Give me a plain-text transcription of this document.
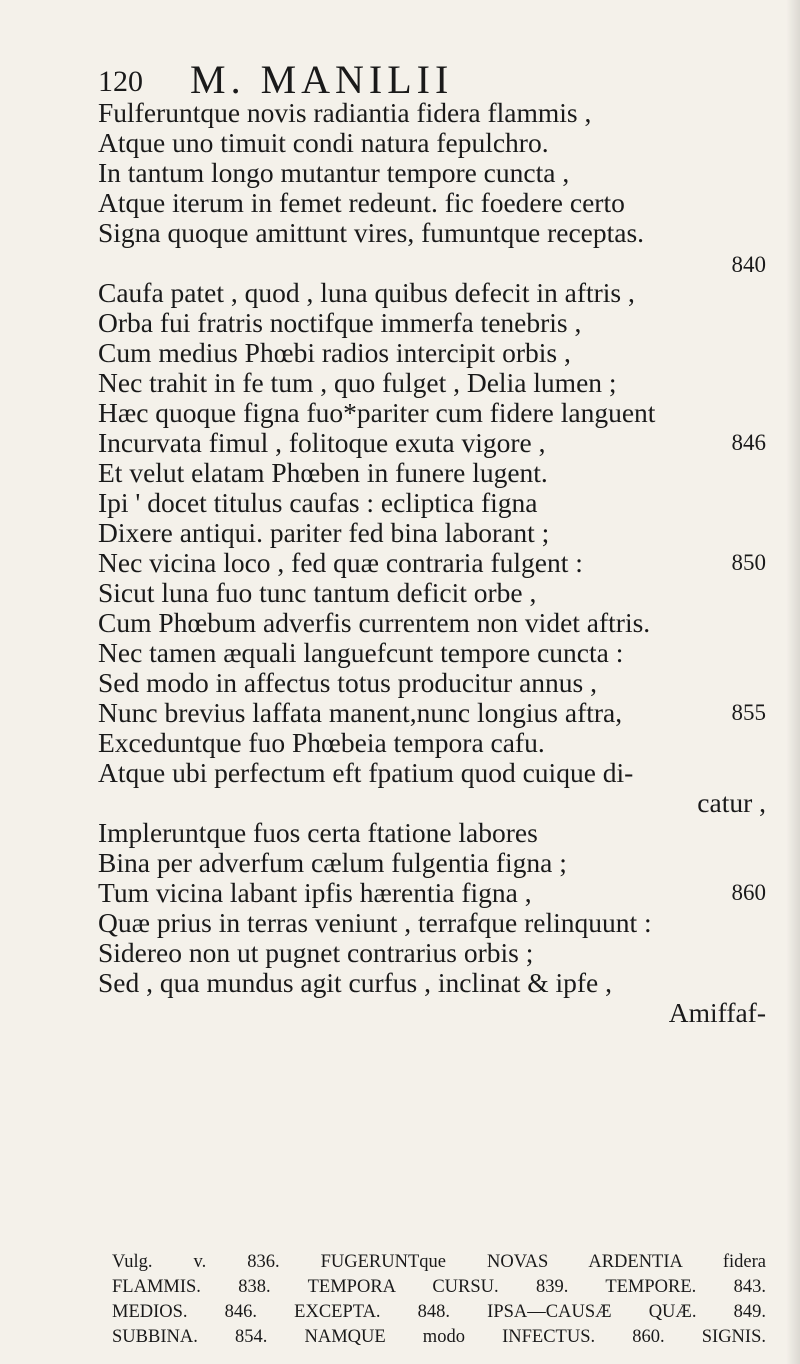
120 M. MANILII
Fulferuntque novis radiantia fidera flammis ,
Atque uno timuit condi natura fepulchro.
In tantum longo mutantur tempore cuncta ,
Atque iterum in femet redeunt. fic foedere certo
Signa quoque amittunt vires, fumuntque receptas.
840
Caufa patet , quod , luna quibus defecit in aftris ,
Orba fui fratris noctifque immerfa tenebris ,
Cum medius Phœbi radios intercipit orbis ,
Nec trahit in fe tum , quo fulget , Delia lumen ;
Hæc quoque figna fuo*pariter cum fidere languent
Incurvata fimul , folitoque exuta vigore ,	846
Et velut elatam Phœben in funere lugent.
Ipi ' docet titulus caufas : ecliptica figna
Dixere antiqui. pariter fed bina laborant ;
Nec vicina loco , fed quæ contraria fulgent :	850
Sicut luna fuo tunc tantum deficit orbe ,
Cum Phœbum adverfis currentem non videt aftris.
Nec tamen æquali languefcunt tempore cuncta :
Sed modo in affectus totus producitur annus ,
Nunc brevius laffata manent,nunc longius aftra,	855
Exceduntque fuo Phœbeia tempora cafu.
Atque ubi perfectum eft fpatium quod cuique di-
catur ,
Impleruntque fuos certa ftatione labores
Bina per adverfum cælum fulgentia figna ;
Tum vicina labant ipfis hærentia figna ,	860
Quæ prius in terras veniunt , terrafque relinquunt :
Sidereo non ut pugnet contrarius orbis ;
Sed , qua mundus agit curfus , inclinat & ipfe ,
Amiffaf-
Vulg. v. 836. FUGERUNTque NOVAS ARDENTIA fidera
FLAMMIS. 838. TEMPORA CURSU. 839. TEMPORE. 843.
MEDIOS. 846. EXCEPTA. 848. IPSA—CAUSÆ QUÆ. 849.
SUBBINA. 854. NAMQUE modo INFECTUS. 860. SIGNIS.
